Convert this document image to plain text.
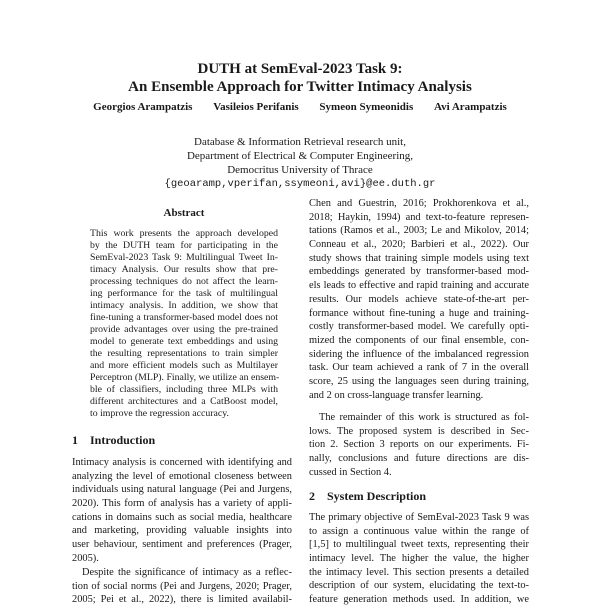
DUTH at SemEval-2023 Task 9:
An Ensemble Approach for Twitter Intimacy Analysis
Georgios Arampatzis Vasileios Perifanis Symeon Symeonidis Avi Arampatzis
Database & Information Retrieval research unit,
Department of Electrical & Computer Engineering,
Democritus University of Thrace
{geoaramp,vperifan,ssymeoni,avi}@ee.duth.gr
Abstract
This work presents the approach developed
by the DUTH team for participating in the
SemEval-2023 Task 9: Multilingual Tweet In-
timacy Analysis. Our results show that pre-
processing techniques do not affect the learn-
ing performance for the task of multilingual
intimacy analysis. In addition, we show that
fine-tuning a transformer-based model does not
provide advantages over using the pre-trained
model to generate text embeddings and using
the resulting representations to train simpler
and more efficient models such as Multilayer
Perceptron (MLP). Finally, we utilize an ensem-
ble of classifiers, including three MLPs with
different architectures and a CatBoost model,
to improve the regression accuracy.
1 Introduction
Intimacy analysis is concerned with identifying and
analyzing the level of emotional closeness between
individuals using natural language (Pei and Jurgens,
2020). This form of analysis has a variety of appli-
cations in domains such as social media, healthcare
and marketing, providing valuable insights into
user behaviour, sentiment and preferences (Prager,
2005).
Despite the significance of intimacy as a reflec-
tion of social norms (Pei and Jurgens, 2020; Prager,
2005; Pei et al., 2022), there is limited availabil-
Chen and Guestrin, 2016; Prokhorenkova et al.,
2018; Haykin, 1994) and text-to-feature represen-
tations (Ramos et al., 2003; Le and Mikolov, 2014;
Conneau et al., 2020; Barbieri et al., 2022). Our
study shows that training simple models using text
embeddings generated by transformer-based mod-
els leads to effective and rapid training and accurate
results. Our models achieve state-of-the-art per-
formance without fine-tuning a huge and training-
costly transformer-based model. We carefully opti-
mized the components of our final ensemble, con-
sidering the influence of the imbalanced regression
task. Our team achieved a rank of 7 in the overall
score, 25 using the languages seen during training,
and 2 on cross-language transfer learning.
The remainder of this work is structured as fol-
lows. The proposed system is described in Sec-
tion 2. Section 3 reports on our experiments. Fi-
nally, conclusions and future directions are dis-
cussed in Section 4.
2 System Description
The primary objective of SemEval-2023 Task 9 was
to assign a continuous value within the range of
[1,5] to multilingual tweet texts, representing their
intimacy level. The higher the value, the higher
the intimacy level. This section presents a detailed
description of our system, elucidating the text-to-
feature generation methods used. In addition, we
